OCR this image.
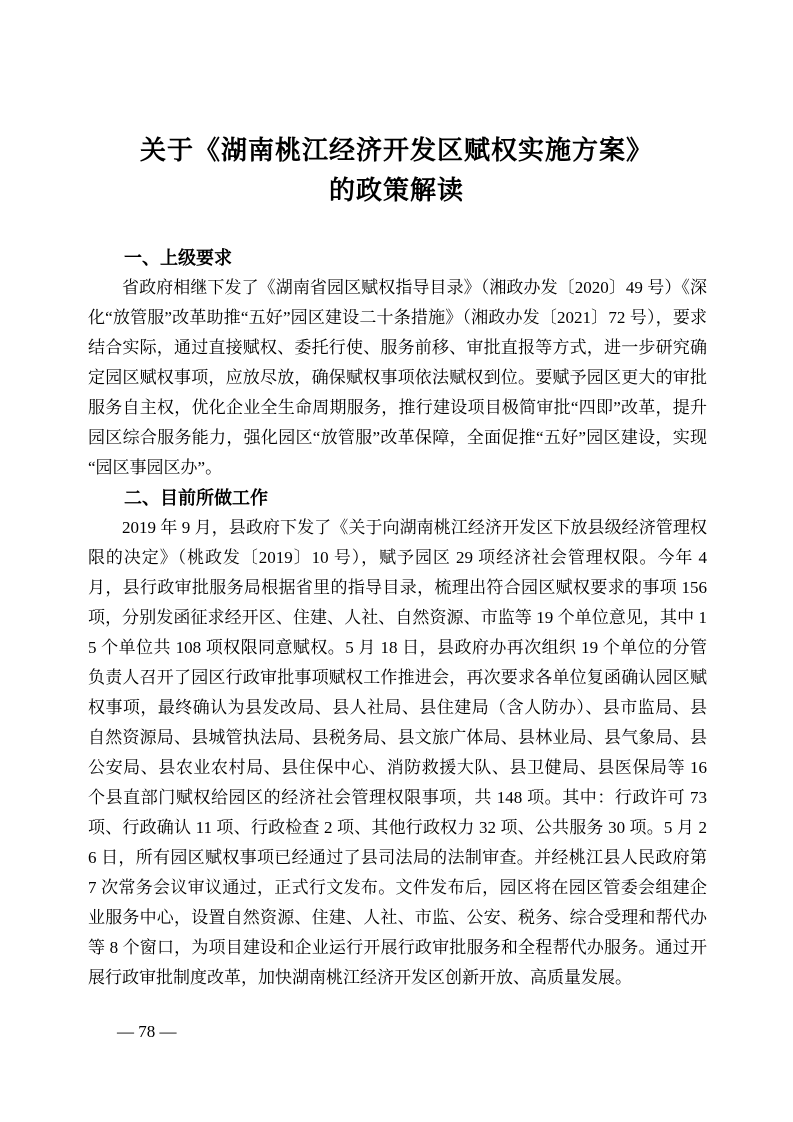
关于《湖南桃江经济开发区赋权实施方案》
的政策解读
一、上级要求

省政府相继下发了《湖南省园区赋权指导目录》（湘政办发〔2020〕49 号）《深化“放管服”改革助推“五好”园区建设二十条措施》（湘政办发〔2021〕72 号），要求结合实际，通过直接赋权、委托行使、服务前移、审批直报等方式，进一步研究确定园区赋权事项，应放尽放，确保赋权事项依法赋权到位。要赋予园区更大的审批服务自主权，优化企业全生命周期服务，推行建设项目极简审批“四即”改革，提升园区综合服务能力，强化园区“放管服”改革保障，全面促推“五好”园区建设，实现“园区事园区办”。

二、目前所做工作

2019 年 9 月，县政府下发了《关于向湖南桃江经济开发区下放县级经济管理权限的决定》（桃政发〔2019〕10 号），赋予园区 29 项经济社会管理权限。今年 4 月，县行政审批服务局根据省里的指导目录，梳理出符合园区赋权要求的事项 156 项，分别发函征求经开区、住建、人社、自然资源、市监等 19 个单位意见，其中 15 个单位共 108 项权限同意赋权。5 月 18 日，县政府办再次组织 19 个单位的分管负责人召开了园区行政审批事项赋权工作推进会，再次要求各单位复函确认园区赋权事项，最终确认为县发改局、县人社局、县住建局（含人防办）、县市监局、县自然资源局、县城管执法局、县税务局、县文旅广体局、县林业局、县气象局、县公安局、县农业农村局、县住保中心、消防救援大队、县卫健局、县医保局等 16 个县直部门赋权给园区的经济社会管理权限事项，共 148 项。其中：行政许可 73 项、行政确认 11 项、行政检查 2 项、其他行政权力 32 项、公共服务 30 项。5 月 26 日，所有园区赋权事项已经通过了县司法局的法制审查。并经桃江县人民政府第 7 次常务会议审议通过，正式行文发布。文件发布后，园区将在园区管委会组建企业服务中心，设置自然资源、住建、人社、市监、公安、税务、综合受理和帮代办等 8 个窗口，为项目建设和企业运行开展行政审批服务和全程帮代办服务。通过开展行政审批制度改革，加快湖南桃江经济开发区创新开放、高质量发展。

— 78 —
